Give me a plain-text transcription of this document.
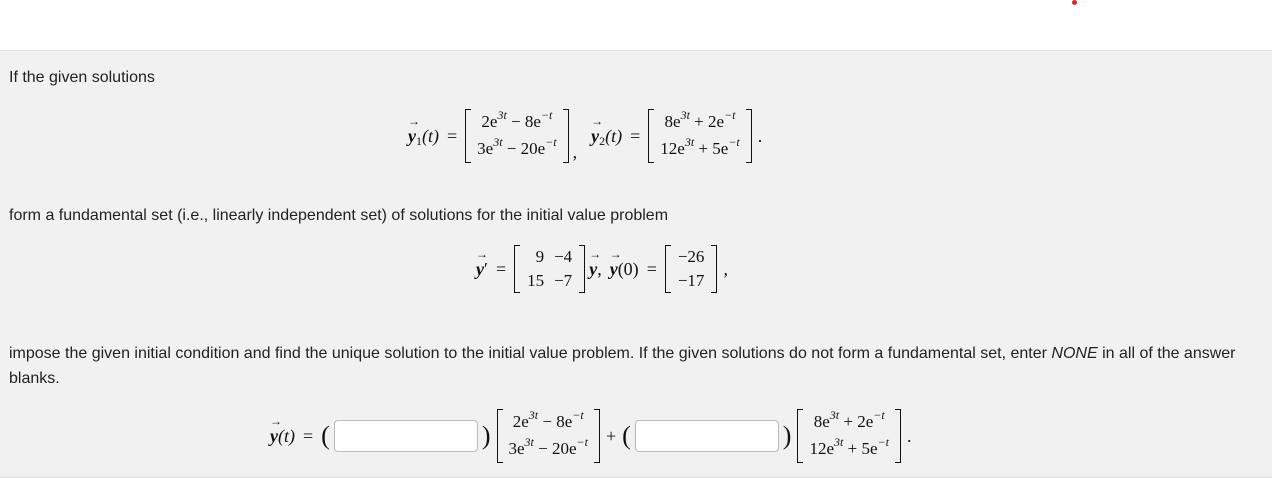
If the given solutions
→ y 1 (t) =
$2e^{3t} - 8e^{-t}$
$3e^{3t} - 20e^{-t}$ ,
→ y 2 (t) =
$8e^{3t} + 2e^{-t}$
$12e^{3t} + 5e^{-t}$ .
form a fundamental set (i.e., linearly independent set) of solutions for the initial value problem
→ y ′ =
9	−4
15	−7
→ y , → y (0) =
−26
−17
,
impose the given initial condition and find the unique solution to the initial value problem. If the given solutions do not form a fundamental set, enter NONE in all of the answer blanks.
→ y (t) = (	) $2e^{3t} - 8e^{-t}$
$3e^{3t} - 20e^{-t}$ + (	) $8e^{3t} + 2e^{-t}$
$12e^{3t} + 5e^{-t}$ .
